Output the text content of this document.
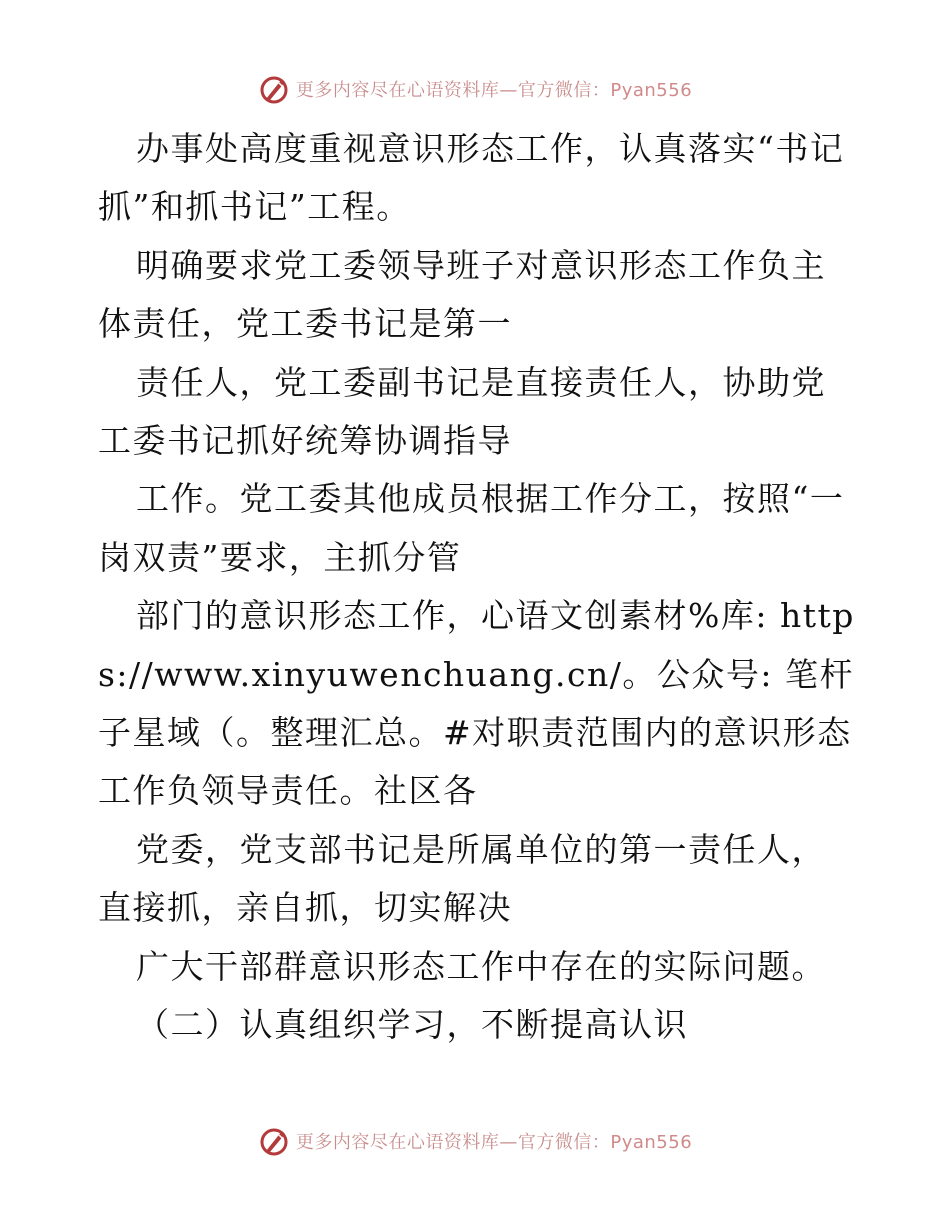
更多内容尽在心语资料库—官方微信：Pyan556

办事处高度重视意识形态工作，认真落实“书记抓”和抓书记”工程。

明确要求党工委领导班子对意识形态工作负主体责任，党工委书记是第一

责任人，党工委副书记是直接责任人，协助党工委书记抓好统筹协调指导

工作。党工委其他成员根据工作分工，按照“一岗双责”要求，主抓分管

部门的意识形态工作，心语文创素材%库: https://www.xinyuwenchuang.cn/。公众号: 笔杆子星域（。整理汇总。#对职责范围内的意识形态工作负领导责任。社区各

党委，党支部书记是所属单位的第一责任人，直接抓，亲自抓，切实解决

广大干部群意识形态工作中存在的实际问题。

（二）认真组织学习，不断提高认识

更多内容尽在心语资料库—官方微信：Pyan556
